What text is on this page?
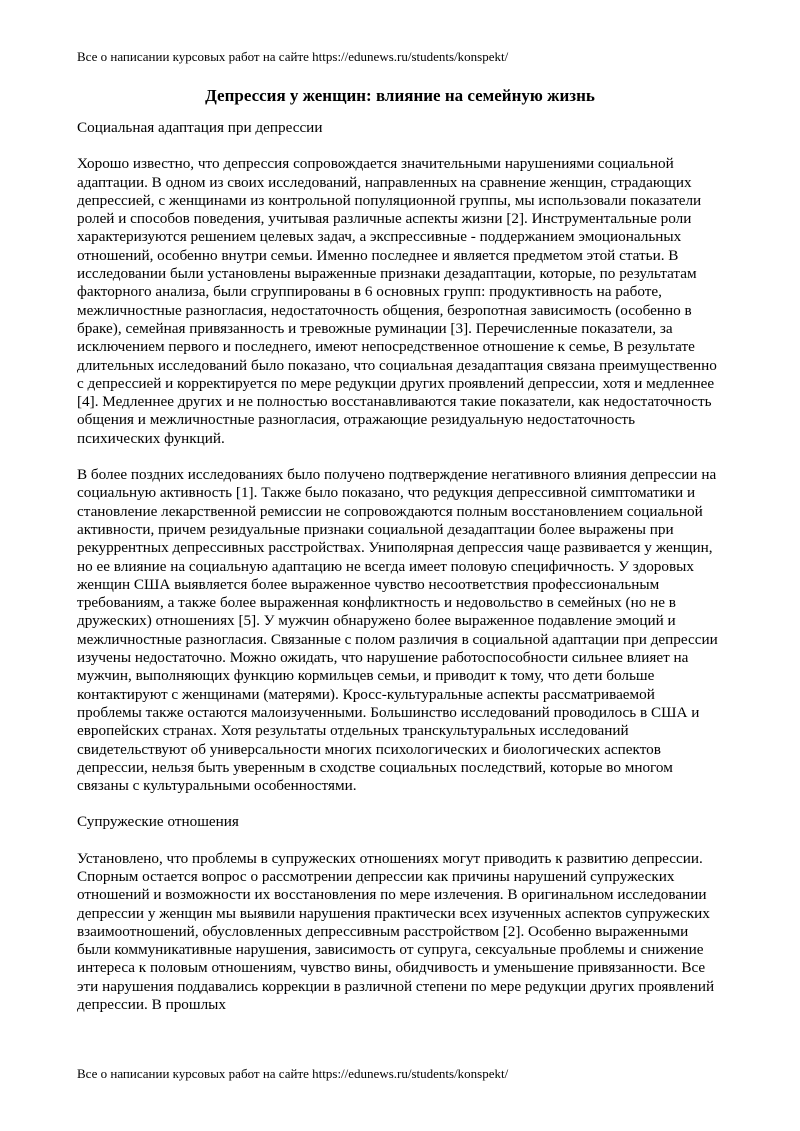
Все о написании курсовых работ на сайте https://edunews.ru/students/konspekt/
Депрессия у женщин: влияние на семейную жизнь

Социальная адаптация при депрессии

Хорошо известно, что депрессия сопровождается значительными нарушениями социальной адаптации. В одном из своих исследований, направленных на сравнение женщин, страдающих депрессией, с женщинами из контрольной популяционной группы, мы использовали показатели ролей и способов поведения, учитывая различные аспекты жизни [2]. Инструментальные роли характеризуются решением целевых задач, а экспрессивные - поддержанием эмоциональных отношений, особенно внутри семьи. Именно последнее и является предметом этой статьи. В исследовании были установлены выраженные признаки дезадаптации, которые, по результатам факторного анализа, были сгруппированы в 6 основных групп: продуктивность на работе, межличностные разногласия, недостаточность общения, безропотная зависимость (особенно в браке), семейная привязанность и тревожные руминации [3]. Перечисленные показатели, за исключением первого и последнего, имеют непосредственное отношение к семье, В результате длительных исследований было показано, что социальная дезадаптация связана преимущественно с депрессией и корректируется по мере редукции других проявлений депрессии, хотя и медленнее [4]. Медленнее других и не полностью восстанавливаются такие показатели, как недостаточность общения и межличностные разногласия, отражающие резидуальную недостаточность психических функций.

В более поздних исследованиях было получено подтверждение негативного влияния депрессии на социальную активность [1]. Также было показано, что редукция депрессивной симптоматики и становление лекарственной ремиссии не сопровождаются полным восстановлением социальной активности, причем резидуальные признаки социальной дезадаптации более выражены при рекуррентных депрессивных расстройствах. Униполярная депрессия чаще развивается у женщин, но ее влияние на социальную адаптацию не всегда имеет половую специфичность. У здоровых женщин США выявляется более выраженное чувство несоответствия профессиональным требованиям, а также более выраженная конфликтность и недовольство в семейных (но не в дружеских) отношениях [5]. У мужчин обнаружено более выраженное подавление эмоций и межличностные разногласия. Связанные с полом различия в социальной адаптации при депрессии изучены недостаточно. Можно ожидать, что нарушение работоспособности сильнее влияет на мужчин, выполняющих функцию кормильцев семьи, и приводит к тому, что дети больше контактируют с женщинами (матерями). Кросс-культуральные аспекты рассматриваемой проблемы также остаются малоизученными. Большинство исследований проводилось в США и европейских странах. Хотя результаты отдельных транскультуральных исследований свидетельствуют об универсальности многих психологических и биологических аспектов депрессии, нельзя быть уверенным в сходстве социальных последствий, которые во многом связаны с культуральными особенностями.

Супружеские отношения

Установлено, что проблемы в супружеских отношениях могут приводить к развитию депрессии. Спорным остается вопрос о рассмотрении депрессии как причины нарушений супружеских отношений и возможности их восстановления по мере излечения. В оригинальном исследовании депрессии у женщин мы выявили нарушения практически всех изученных аспектов супружеских взаимоотношений, обусловленных депрессивным расстройством [2]. Особенно выраженными были коммуникативные нарушения, зависимость от супруга, сексуальные проблемы и снижение интереса к половым отношениям, чувство вины, обидчивость и уменьшение привязанности. Все эти нарушения поддавались коррекции в различной степени по мере редукции других проявлений депрессии. В прошлых

Все о написании курсовых работ на сайте https://edunews.ru/students/konspekt/
